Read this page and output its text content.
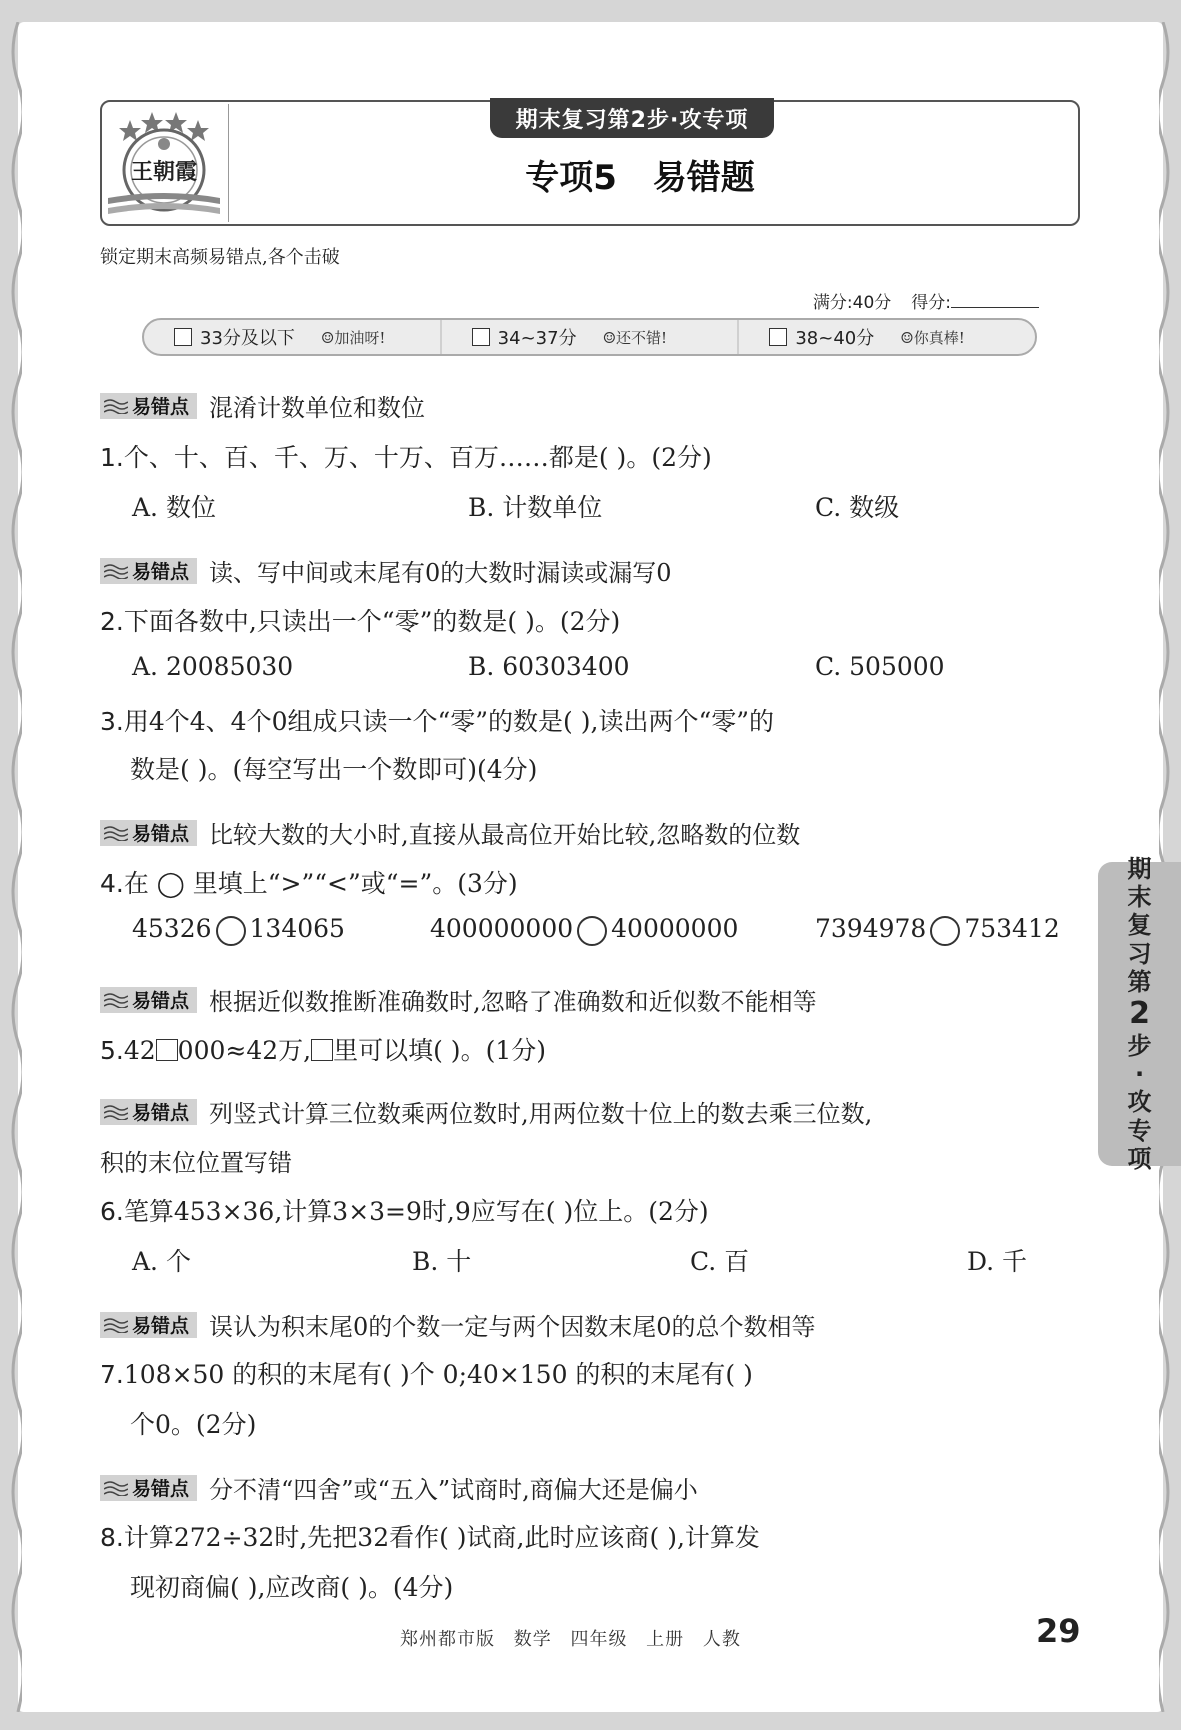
王朝霞
期末复习第2步·攻专项
专项5 易错题
锁定期末高频易错点,各个击破
满分:40分 得分:
33分及以下 ☺加油呀!	34~37分 ☺还不错!	38~40分 ☺你真棒!
易错点 混淆计数单位和数位
1.个、十、百、千、万、十万、百万……都是( )。(2分)
A. 数位	B. 计数单位	C. 数级
易错点 读、写中间或末尾有0的大数时漏读或漏写0
2.下面各数中,只读出一个“零”的数是( )。(2分)
A. 20085030	B. 60303400	C. 505000
3.用4个4、4个0组成只读一个“零”的数是( ),读出两个“零”的
数是( )。(每空写出一个数即可)(4分)
易错点 比较大数的大小时,直接从最高位开始比较,忽略数的位数
4.在 ◯ 里填上“>”“<”或“=”。(3分)
45326 134065	400000000 40000000	7394978 753412
易错点 根据近似数推断准确数时,忽略了准确数和近似数不能相等
5.42 000≈42万, 里可以填( )。(1分)
易错点 列竖式计算三位数乘两位数时,用两位数十位上的数去乘三位数,
积的末位位置写错
6.笔算453×36,计算3×3=9时,9应写在( )位上。(2分)
A. 个	B. 十	C. 百	D. 千
易错点 误认为积末尾0的个数一定与两个因数末尾0的总个数相等
7.108×50 的积的末尾有( )个 0;40×150 的积的末尾有( )
个0。(2分)
易错点 分不清“四舍”或“五入”试商时,商偏大还是偏小
8.计算272÷32时,先把32看作( )试商,此时应该商( ),计算发
现初商偏( ),应改商( )。(4分)
期
末
复
习
第
2
步
·
攻
专
项
郑州都市版 数学 四年级 上册 人教	29
